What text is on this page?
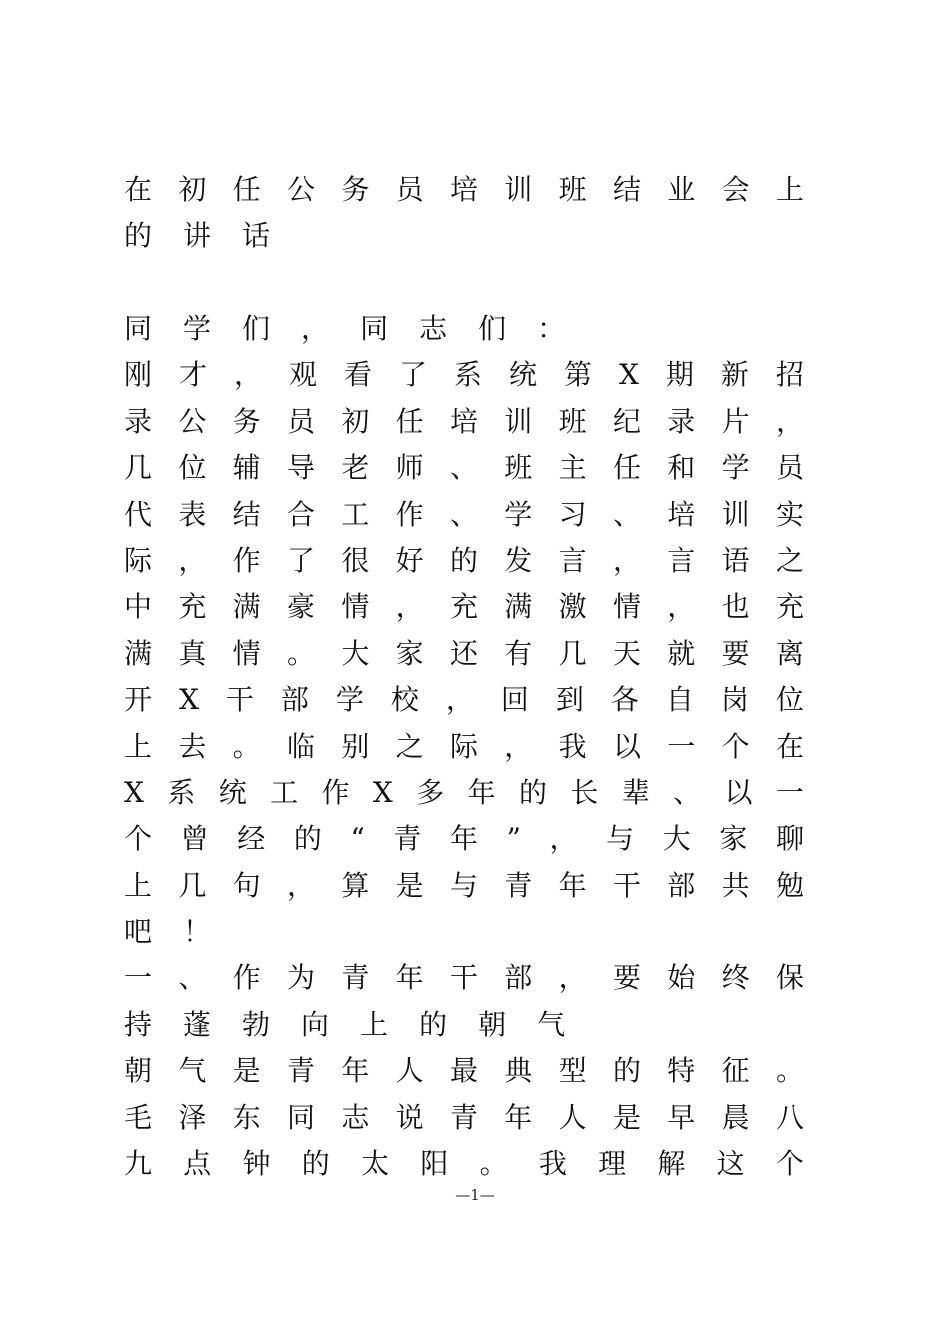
在 初 任 公 务 员 培 训 班 结 业 会 上
的 讲 话
同 学 们 ， 同 志 们 ：
刚 才 ， 观 看 了 系 统 第 X 期 新 招
录 公 务 员 初 任 培 训 班 纪 录 片 ，
几 位 辅 导 老 师 、 班 主 任 和 学 员
代 表 结 合 工 作 、 学 习 、 培 训 实
际 ， 作 了 很 好 的 发 言 ， 言 语 之
中 充 满 豪 情 ， 充 满 激 情 ， 也 充
满 真 情 。 大 家 还 有 几 天 就 要 离
开 X 干 部 学 校 ， 回 到 各 自 岗 位
上 去 。 临 别 之 际 ， 我 以 一 个 在
X 系 统 工 作 X 多 年 的 长 辈 、 以 一
个 曾 经 的 “ 青 年 ” ， 与 大 家 聊
上 几 句 ， 算 是 与 青 年 干 部 共 勉
吧 ！
一 、 作 为 青 年 干 部 ， 要 始 终 保
持 蓬 勃 向 上 的 朝 气
朝 气 是 青 年 人 最 典 型 的 特 征 。
毛 泽 东 同 志 说 青 年 人 是 早 晨 八
九 点 钟 的 太 阳 。 我 理 解 这 个
—1—
